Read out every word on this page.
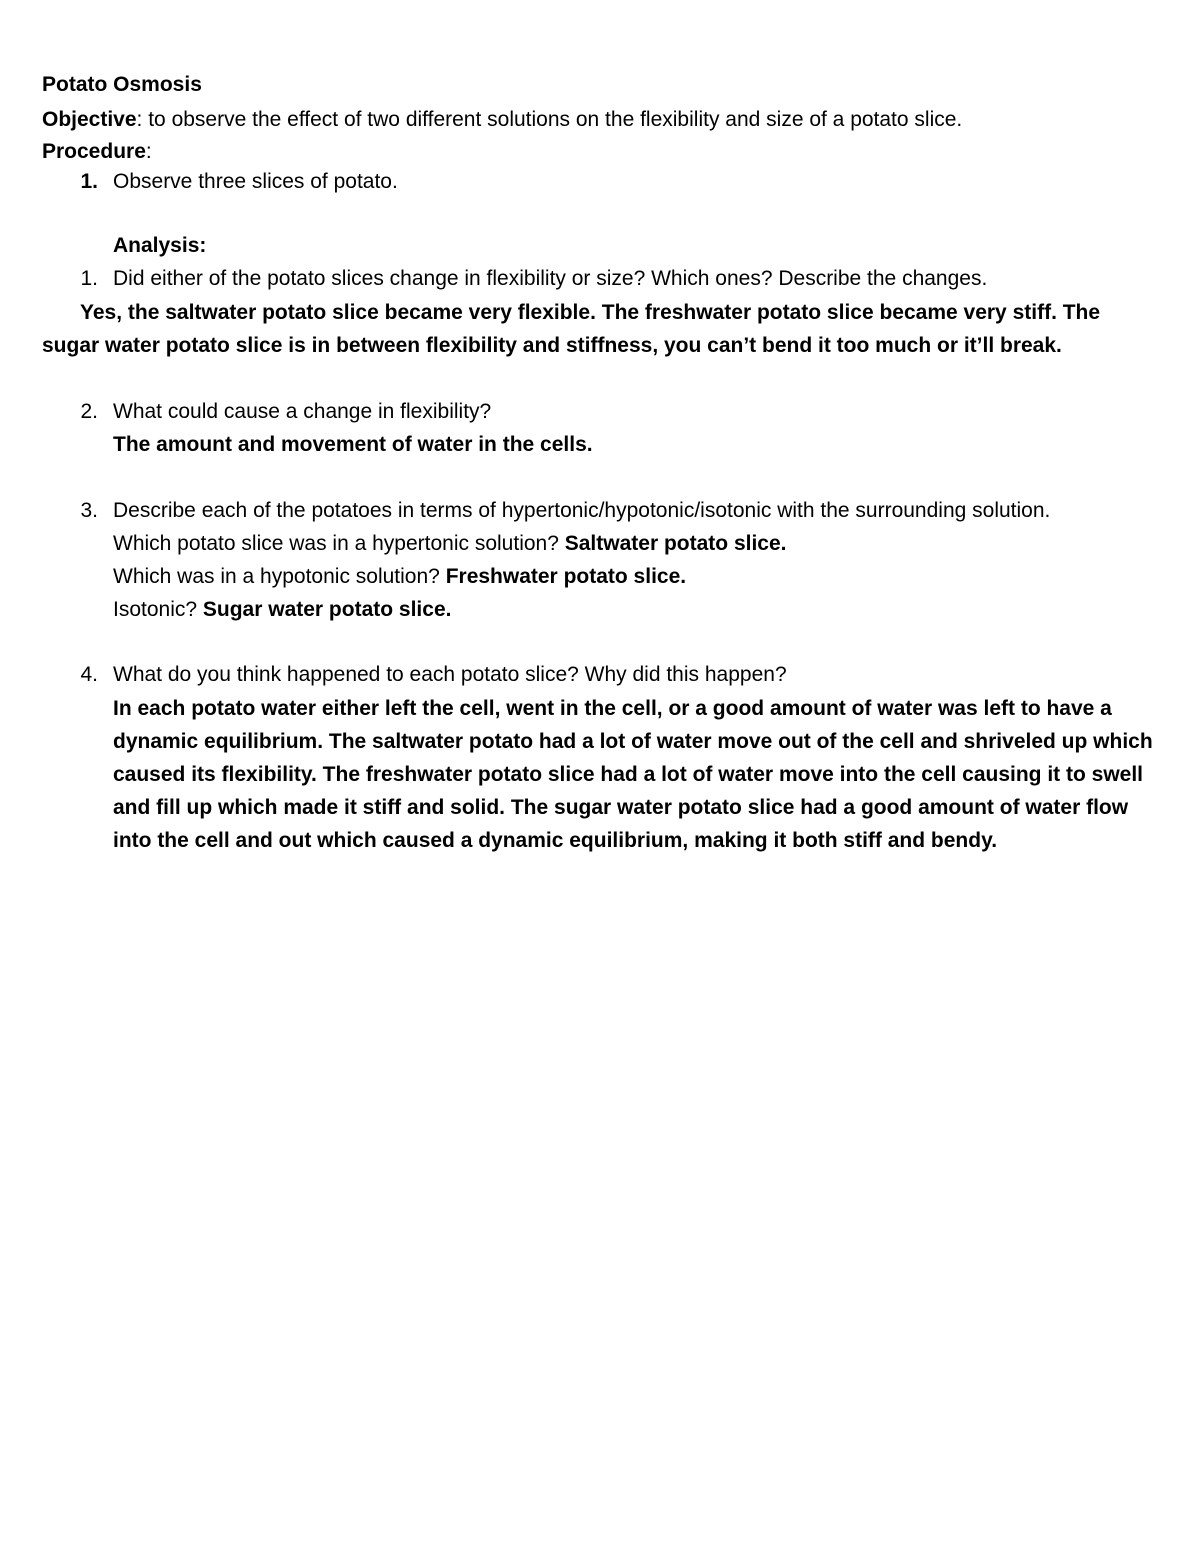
Potato Osmosis
Objective: to observe the effect of two different solutions on the flexibility and size of a potato slice.
Procedure:
1. Observe three slices of potato.
Analysis:
1. Did either of the potato slices change in flexibility or size? Which ones? Describe the changes.
Yes, the saltwater potato slice became very flexible. The freshwater potato slice became very stiff. The sugar water potato slice is in between flexibility and stiffness, you can’t bend it too much or it’ll break.
2. What could cause a change in flexibility?
The amount and movement of water in the cells.
3. Describe each of the potatoes in terms of hypertonic/hypotonic/isotonic with the surrounding solution.
Which potato slice was in a hypertonic solution? Saltwater potato slice.
Which was in a hypotonic solution? Freshwater potato slice.
Isotonic? Sugar water potato slice.
4. What do you think happened to each potato slice? Why did this happen?
In each potato water either left the cell, went in the cell, or a good amount of water was left to have a dynamic equilibrium. The saltwater potato had a lot of water move out of the cell and shriveled up which caused its flexibility. The freshwater potato slice had a lot of water move into the cell causing it to swell and fill up which made it stiff and solid. The sugar water potato slice had a good amount of water flow into the cell and out which caused a dynamic equilibrium, making it both stiff and bendy.
